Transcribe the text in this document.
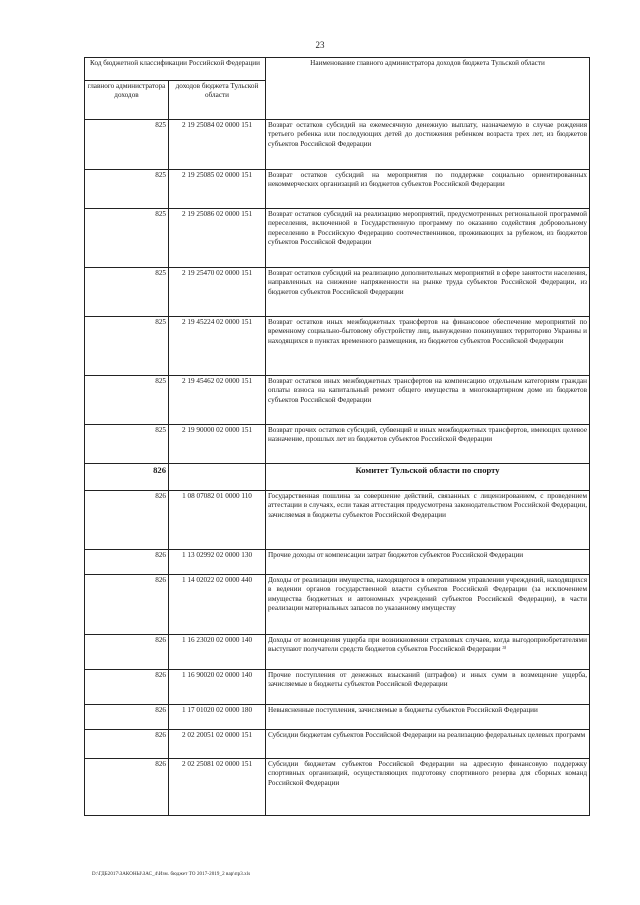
23
Код бюджетной классификации Российской Федерации		Наименование главного администратора доходов бюджета Тульской области
главного администратора доходов	доходов бюджета Тульской области	
825	2 19 25084 02 0000 151	Возврат остатков субсидий на ежемесячную денежную выплату, назначаемую в случае рождения третьего ребенка или последующих детей до достижения ребенком возраста трех лет, из бюджетов субъектов Российской Федерации
825	2 19 25085 02 0000 151	Возврат остатков субсидий на мероприятия по поддержке социально ориентированных некоммерческих организаций из бюджетов субъектов Российской Федерации
825	2 19 25086 02 0000 151	Возврат остатков субсидий на реализацию мероприятий, предусмотренных региональной программой переселения, включенной в Государственную программу по оказанию содействия добровольному переселению в Российскую Федерацию соотечественников, проживающих за рубежом, из бюджетов субъектов Российской Федерации
825	2 19 25470 02 0000 151	Возврат остатков субсидий на реализацию дополнительных мероприятий в сфере занятости населения, направленных на снижение напряженности на рынке труда субъектов Российской Федерации, из бюджетов субъектов Российской Федерации
825	2 19 45224 02 0000 151	Возврат остатков иных межбюджетных трансфертов на финансовое обеспечение мероприятий по временному социально-бытовому обустройству лиц, вынужденно покинувших территорию Украины и находящихся в пунктах временного размещения, из бюджетов субъектов Российской Федерации
825	2 19 45462 02 0000 151	Возврат остатков иных межбюджетных трансфертов на компенсацию отдельным категориям граждан оплаты взноса на капитальный ремонт общего имущества в многоквартирном доме из бюджетов субъектов Российской Федерации
825	2 19 90000 02 0000 151	Возврат прочих остатков субсидий, субвенций и иных межбюджетных трансфертов, имеющих целевое назначение, прошлых лет из бюджетов субъектов Российской Федерации
826		Комитет Тульской области по спорту
826	1 08 07082 01 0000 110	Государственная пошлина за совершение действий, связанных с лицензированием, с проведением аттестации в случаях, если такая аттестация предусмотрена законодательством Российской Федерации, зачисляемая в бюджеты субъектов Российской Федерации
826	1 13 02992 02 0000 130	Прочие доходы от компенсации затрат бюджетов субъектов Российской Федерации
826	1 14 02022 02 0000 440	Доходы от реализации имущества, находящегося в оперативном управлении учреждений, находящихся в ведении органов государственной власти субъектов Российской Федерации (за исключением имущества бюджетных и автономных учреждений субъектов Российской Федерации), в части реализации материальных запасов по указанному имуществу
826	1 16 23020 02 0000 140	Доходы от возмещения ущерба при возникновении страховых случаев, когда выгодоприобретателями выступают получатели средств бюджетов субъектов Российской Федерации ³⁾
826	1 16 90020 02 0000 140	Прочие поступления от денежных взысканий (штрафов) и иных сумм в возмещение ущерба, зачисляемые в бюджеты субъектов Российской Федерации
826	1 17 01020 02 0000 180	Невыясненные поступления, зачисляемые в бюджеты субъектов Российской Федерации
826	2 02 20051 02 0000 151	Субсидии бюджетам субъектов Российской Федерации на реализацию федеральных целевых программ
826	2 02 25081 02 0000 151	Субсидии бюджетам субъектов Российской Федерации на адресную финансовую поддержку спортивных организаций, осуществляющих подготовку спортивного резерва для сборных команд Российской Федерации
D:\ГДБ2017\ЗАКОНЫ\ЗАС_4\Изм. бюджет ТО 2017-2019_2 вар\пр3.xls
